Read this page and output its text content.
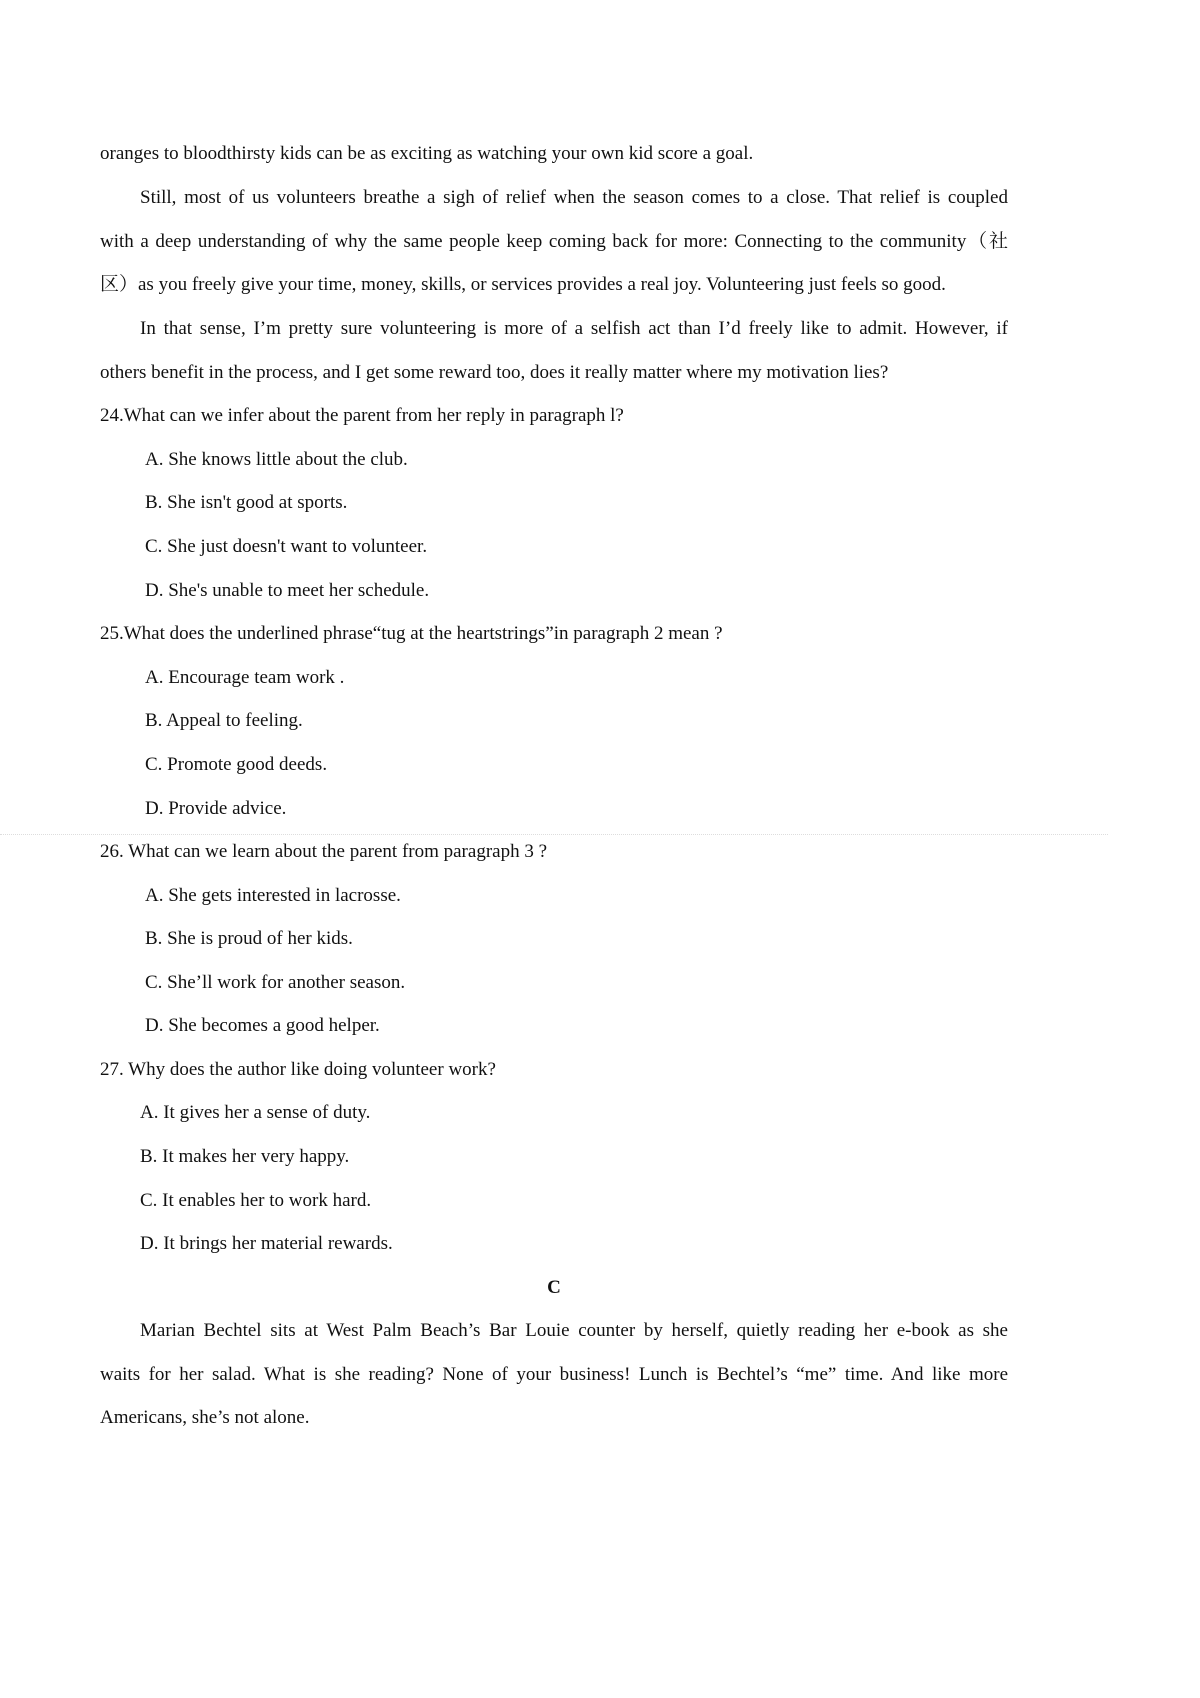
oranges to bloodthirsty kids can be as exciting as watching your own kid score a goal.
Still, most of us volunteers breathe a sigh of relief when the season comes to a close. That relief is coupled
with a deep understanding of why the same people keep coming back for more: Connecting to the community（社
区）as you freely give your time, money, skills, or services provides a real joy. Volunteering just feels so good.
In that sense, I’m pretty sure volunteering is more of a selfish act than I’d freely like to admit. However, if
others benefit in the process, and I get some reward too, does it really matter where my motivation lies?
24.What can we infer about the parent from her reply in paragraph l?
A. She knows little about the club.
B. She isn't good at sports.
C. She just doesn't want to volunteer.
D. She's unable to meet her schedule.
25.What does the underlined phrase“tug at the heartstrings”in paragraph 2 mean ?
A. Encourage team work .
B. Appeal to feeling.
C. Promote good deeds.
D. Provide advice.
26. What can we learn about the parent from paragraph 3 ?
A. She gets interested in lacrosse.
B. She is proud of her kids.
C. She’ll work for another season.
D. She becomes a good helper.
27. Why does the author like doing volunteer work?
A. It gives her a sense of duty.
B. It makes her very happy.
C. It enables her to work hard.
D. It brings her material rewards.
C
Marian Bechtel sits at West Palm Beach’s Bar Louie counter by herself, quietly reading her e-book as she
waits for her salad. What is she reading? None of your business! Lunch is Bechtel’s “me” time. And like more
Americans, she’s not alone.
